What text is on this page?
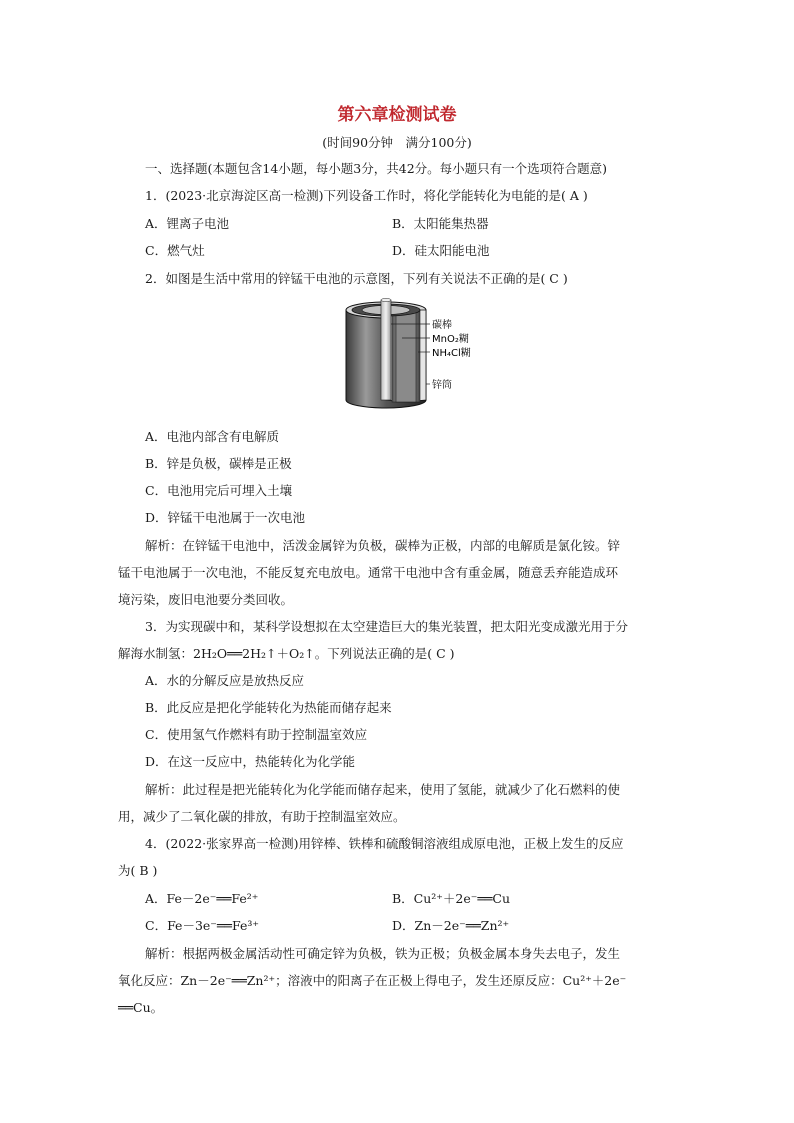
第六章检测试卷
(时间90分钟　满分100分)
一、选择题(本题包含14小题，每小题3分，共42分。每小题只有一个选项符合题意)
1．(2023·北京海淀区高一检测)下列设备工作时，将化学能转化为电能的是( A )
A．锂离子电池	B．太阳能集热器
C．燃气灶	D．硅太阳能电池
2．如图是生活中常用的锌锰干电池的示意图，下列有关说法不正确的是( C )
碳棒
MnO₂糊
NH₄Cl糊
锌筒
A．电池内部含有电解质
B．锌是负极，碳棒是正极
C．电池用完后可埋入土壤
D．锌锰干电池属于一次电池
解析：在锌锰干电池中，活泼金属锌为负极，碳棒为正极，内部的电解质是氯化铵。锌
锰干电池属于一次电池，不能反复充电放电。通常干电池中含有重金属，随意丢弃能造成环
境污染，废旧电池要分类回收。
3．为实现碳中和，某科学设想拟在太空建造巨大的集光装置，把太阳光变成激光用于分
解海水制氢：2H₂O══2H₂↑＋O₂↑。下列说法正确的是( C )
A．水的分解反应是放热反应
B．此反应是把化学能转化为热能而储存起来
C．使用氢气作燃料有助于控制温室效应
D．在这一反应中，热能转化为化学能
解析：此过程是把光能转化为化学能而储存起来，使用了氢能，就减少了化石燃料的使
用，减少了二氧化碳的排放，有助于控制温室效应。
4．(2022·张家界高一检测)用锌棒、铁棒和硫酸铜溶液组成原电池，正极上发生的反应
为( B )
A．Fe－2e⁻══Fe²⁺	B．Cu²⁺＋2e⁻══Cu
C．Fe－3e⁻══Fe³⁺	D．Zn－2e⁻══Zn²⁺
解析：根据两极金属活动性可确定锌为负极，铁为正极；负极金属本身失去电子，发生
氧化反应：Zn－2e⁻══Zn²⁺；溶液中的阳离子在正极上得电子，发生还原反应：Cu²⁺＋2e⁻
══Cu。
